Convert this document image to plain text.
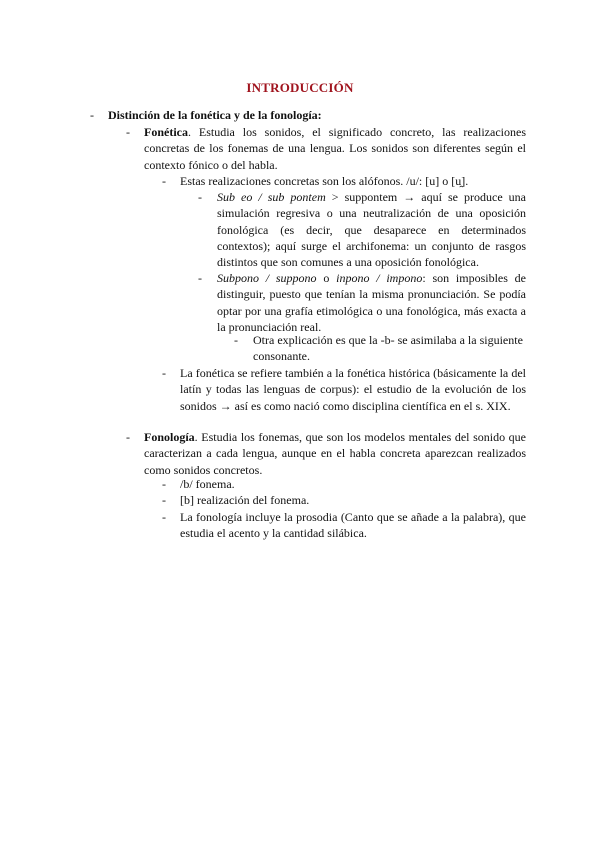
INTRODUCCIÓN
- Distinción de la fonética y de la fonología:
- Fonética. Estudia los sonidos, el significado concreto, las realizaciones concretas de los fonemas de una lengua. Los sonidos son diferentes según el contexto fónico o del habla.
- Estas realizaciones concretas son los alófonos. /u/: [u] o [u̯].
- Sub eo / sub pontem > suppontem → aquí se produce una simulación regresiva o una neutralización de una oposición fonológica (es decir, que desaparece en determinados contextos); aquí surge el archifonema: un conjunto de rasgos distintos que son comunes a una oposición fonológica.
- Subpono / suppono o inpono / impono: son imposibles de distinguir, puesto que tenían la misma pronunciación. Se podía optar por una grafía etimológica o una fonológica, más exacta a la pronunciación real.
- Otra explicación es que la -b- se asimilaba a la siguiente consonante.
- La fonética se refiere también a la fonética histórica (básicamente la del latín y todas las lenguas de corpus): el estudio de la evolución de los sonidos → así es como nació como disciplina científica en el s. XIX.
- Fonología. Estudia los fonemas, que son los modelos mentales del sonido que caracterizan a cada lengua, aunque en el habla concreta aparezcan realizados como sonidos concretos.
- /b/ fonema.
- [b] realización del fonema.
- La fonología incluye la prosodia (Canto que se añade a la palabra), que estudia el acento y la cantidad silábica.
